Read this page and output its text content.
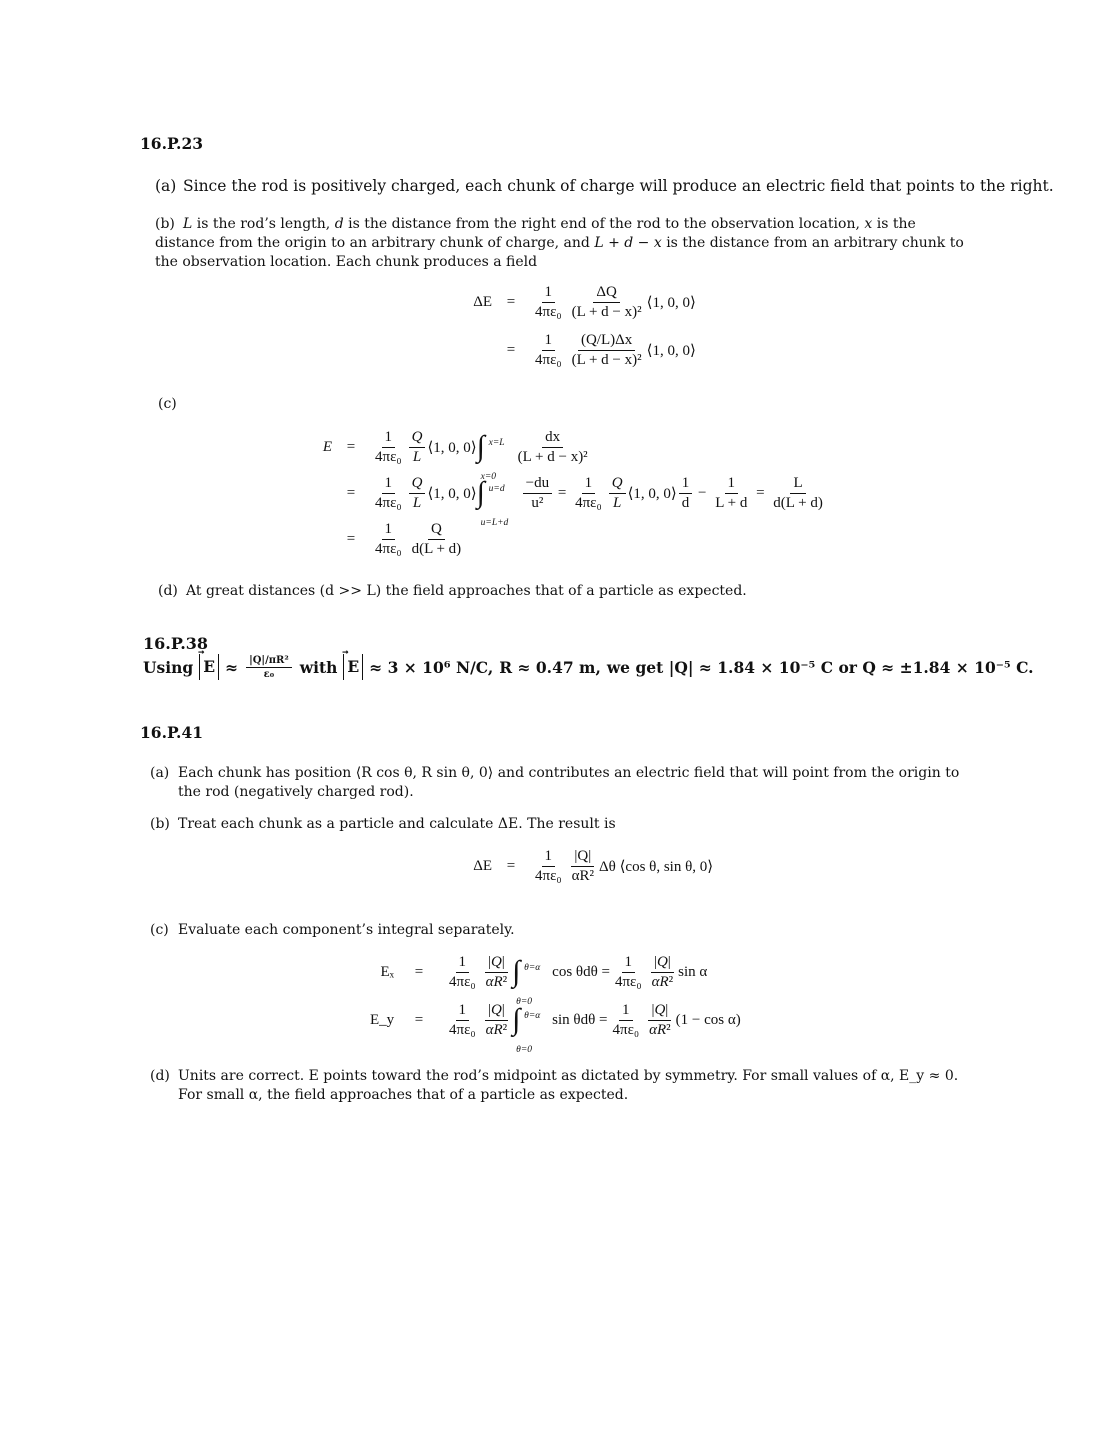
16.P.23
(a) Since the rod is positively charged, each chunk of charge will produce an electric field that points to the right.
(b) L is the rod’s length, d is the distance from the right end of the rod to the observation location, x is the distance from the origin to an arbitrary chunk of charge, and L + d − x is the distance from an arbitrary chunk to the observation location. Each chunk produces a field
ΔE =	$\frac{1}{\text{4πε₀}} \frac{\Delta Q}{\text{(L + d − x)²}}$ ⟨1, 0, 0⟩
=	$\frac{1}{\text{4πε₀}} \frac{(Q/L)\Delta x}{\text{(L + d − x)²}}$ ⟨1, 0, 0⟩
(c)
E =	$\frac{1}{\text{4πε₀}} \frac{Q}{L}$ ⟨1, 0, 0⟩ ∫ x=L
x=0
$\frac{dx}{\text{(L + d − x)²}}$
=	$\frac{1}{\text{4πε₀}} \frac{Q}{L}$ ⟨1, 0, 0⟩ ∫ u=d
u=L+d
$\frac{-du}{\text{u²}} = \frac{1}{\text{4πε₀}} \frac{Q}{L}$ ⟨1, 0, 0⟩ $\frac{1}{d} - \frac{1}{L + d} = \frac{L}{d(L + d)}$
=	$\frac{1}{\text{4πε₀}} \frac{Q}{d(L + d)}$
(d) At great distances (d >> L) the field approaches that of a particle as expected.
16.P.38
Using ⃗ $E \approx \frac{\text{|Q|/πR²}}{\text{ε₀}}$ with ⃗ E ≈ 3 × 10⁶ N/C, R ≈ 0.47 m, we get |Q| ≈ 1.84 × 10⁻⁵ C or Q ≈ ±1.84 × 10⁻⁵ C.
16.P.41
(a) Each chunk has position ⟨R cos θ, R sin θ, 0⟩ and contributes an electric field that will point from the origin to the rod (negatively charged rod).
(b) Treat each chunk as a particle and calculate ΔE. The result is
ΔE =	$\frac{1}{\text{4πε₀}} \frac{|Q|}{\text{αR²}}$ Δθ ⟨cos θ, sin θ, 0⟩
(c) Evaluate each component’s integral separately.
Eₓ	=	$\frac{1}{\text{4πε₀}} \frac{|Q|}{\text{αR²}}$ ∫ θ=α
θ=0
$\cos \theta d\theta = \frac{1}{\text{4πε₀}} \frac{|Q|}{\text{αR²}}$ sin α
E_y	=	$\frac{1}{\text{4πε₀}} \frac{|Q|}{\text{αR²}}$ ∫ θ=α
θ=0
$\sin \theta d\theta = \frac{1}{\text{4πε₀}} \frac{|Q|}{\text{αR²}} (1 - \cos \alpha)$
(d) Units are correct. E points toward the rod’s midpoint as dictated by symmetry. For small values of α, E_y ≈ 0. For small α, the field approaches that of a particle as expected.
